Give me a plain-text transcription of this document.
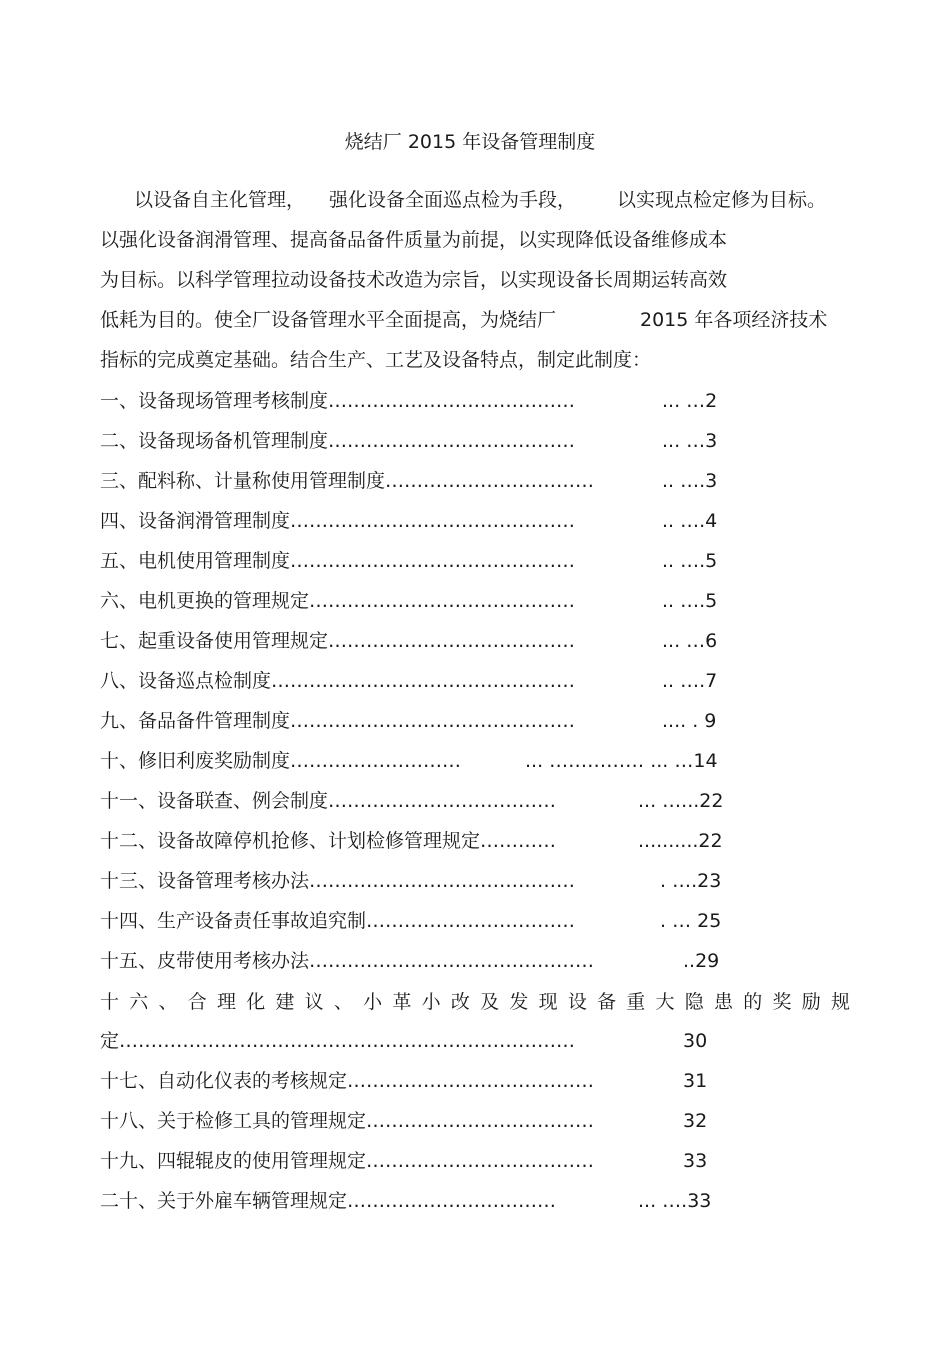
烧结厂 2015 年设备管理制度
以设备自主化管理， 强化设备全面巡点检为手段， 以实现点检定修为目标。
以强化设备润滑管理、提高备品备件质量为前提，以实现降低设备维修成本
为目标。以科学管理拉动设备技术改造为宗旨，以实现设备长周期运转高效
低耗为目的。使全厂设备管理水平全面提高，为烧结厂	2015 年各项经济技术
指标的完成奠定基础。结合生产、工艺及设备特点，制定此制度：
一、设备现场管理考核制度…………………………………	... …2
二、设备现场备机管理制度…………………………………	... …3
三、配料称、计量称使用管理制度……………………………	.. ….3
四、设备润滑管理制度………………………………………	.. ….4
五、电机使用管理制度………………………………………	.. ….5
六、电机更换的管理规定……………………………………	.. ….5
七、起重设备使用管理规定…………………………………	... …6
八、设备巡点检制度…………………………………………	.. ….7
九、备品备件管理制度………………………………………	.... . 9
十、修旧利废奖励制度………………………	... …………… ... …14
十一、设备联查、例会制度………………………………	... …...22
十二、设备故障停机抢修、计划检修管理规定…………	..........22
十三、设备管理考核办法……………………………………	. ….23
十四、生产设备责任事故追究制……………………………	. … 25
十五、皮带使用考核办法………………………………………	..29
十六、合理化建议、小革小改及发现设备重大隐患的奖励规
定………………………………………………………………	30
十七、自动化仪表的考核规定…………………………………	31
十八、关于检修工具的管理规定………………………………	32
十九、四辊辊皮的使用管理规定………………………………	33
二十、关于外雇车辆管理规定……………………………	... ….33
